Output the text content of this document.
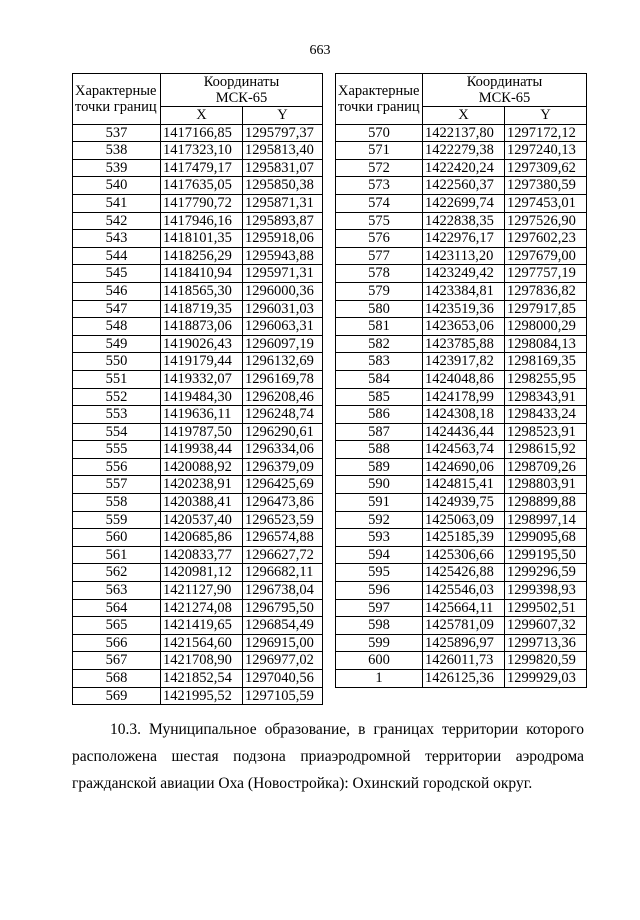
663
Характерные
точки границ	Координаты
МСК-65	
	X	Y
537	1417166,85	1295797,37
538	1417323,10	1295813,40
539	1417479,17	1295831,07
540	1417635,05	1295850,38
541	1417790,72	1295871,31
542	1417946,16	1295893,87
543	1418101,35	1295918,06
544	1418256,29	1295943,88
545	1418410,94	1295971,31
546	1418565,30	1296000,36
547	1418719,35	1296031,03
548	1418873,06	1296063,31
549	1419026,43	1296097,19
550	1419179,44	1296132,69
551	1419332,07	1296169,78
552	1419484,30	1296208,46
553	1419636,11	1296248,74
554	1419787,50	1296290,61
555	1419938,44	1296334,06
556	1420088,92	1296379,09
557	1420238,91	1296425,69
558	1420388,41	1296473,86
559	1420537,40	1296523,59
560	1420685,86	1296574,88
561	1420833,77	1296627,72
562	1420981,12	1296682,11
563	1421127,90	1296738,04
564	1421274,08	1296795,50
565	1421419,65	1296854,49
566	1421564,60	1296915,00
567	1421708,90	1296977,02
568	1421852,54	1297040,56
569	1421995,52	1297105,59
Характерные
точки границ	Координаты
МСК-65	
	X	Y
570	1422137,80	1297172,12
571	1422279,38	1297240,13
572	1422420,24	1297309,62
573	1422560,37	1297380,59
574	1422699,74	1297453,01
575	1422838,35	1297526,90
576	1422976,17	1297602,23
577	1423113,20	1297679,00
578	1423249,42	1297757,19
579	1423384,81	1297836,82
580	1423519,36	1297917,85
581	1423653,06	1298000,29
582	1423785,88	1298084,13
583	1423917,82	1298169,35
584	1424048,86	1298255,95
585	1424178,99	1298343,91
586	1424308,18	1298433,24
587	1424436,44	1298523,91
588	1424563,74	1298615,92
589	1424690,06	1298709,26
590	1424815,41	1298803,91
591	1424939,75	1298899,88
592	1425063,09	1298997,14
593	1425185,39	1299095,68
594	1425306,66	1299195,50
595	1425426,88	1299296,59
596	1425546,03	1299398,93
597	1425664,11	1299502,51
598	1425781,09	1299607,32
599	1425896,97	1299713,36
600	1426011,73	1299820,59
1	1426125,36	1299929,03
10.3. Муниципальное образование, в границах территории которого
расположена шестая подзона приаэродромной территории аэродрома
гражданской авиации Оха (Новостройка): Охинский городской округ.
